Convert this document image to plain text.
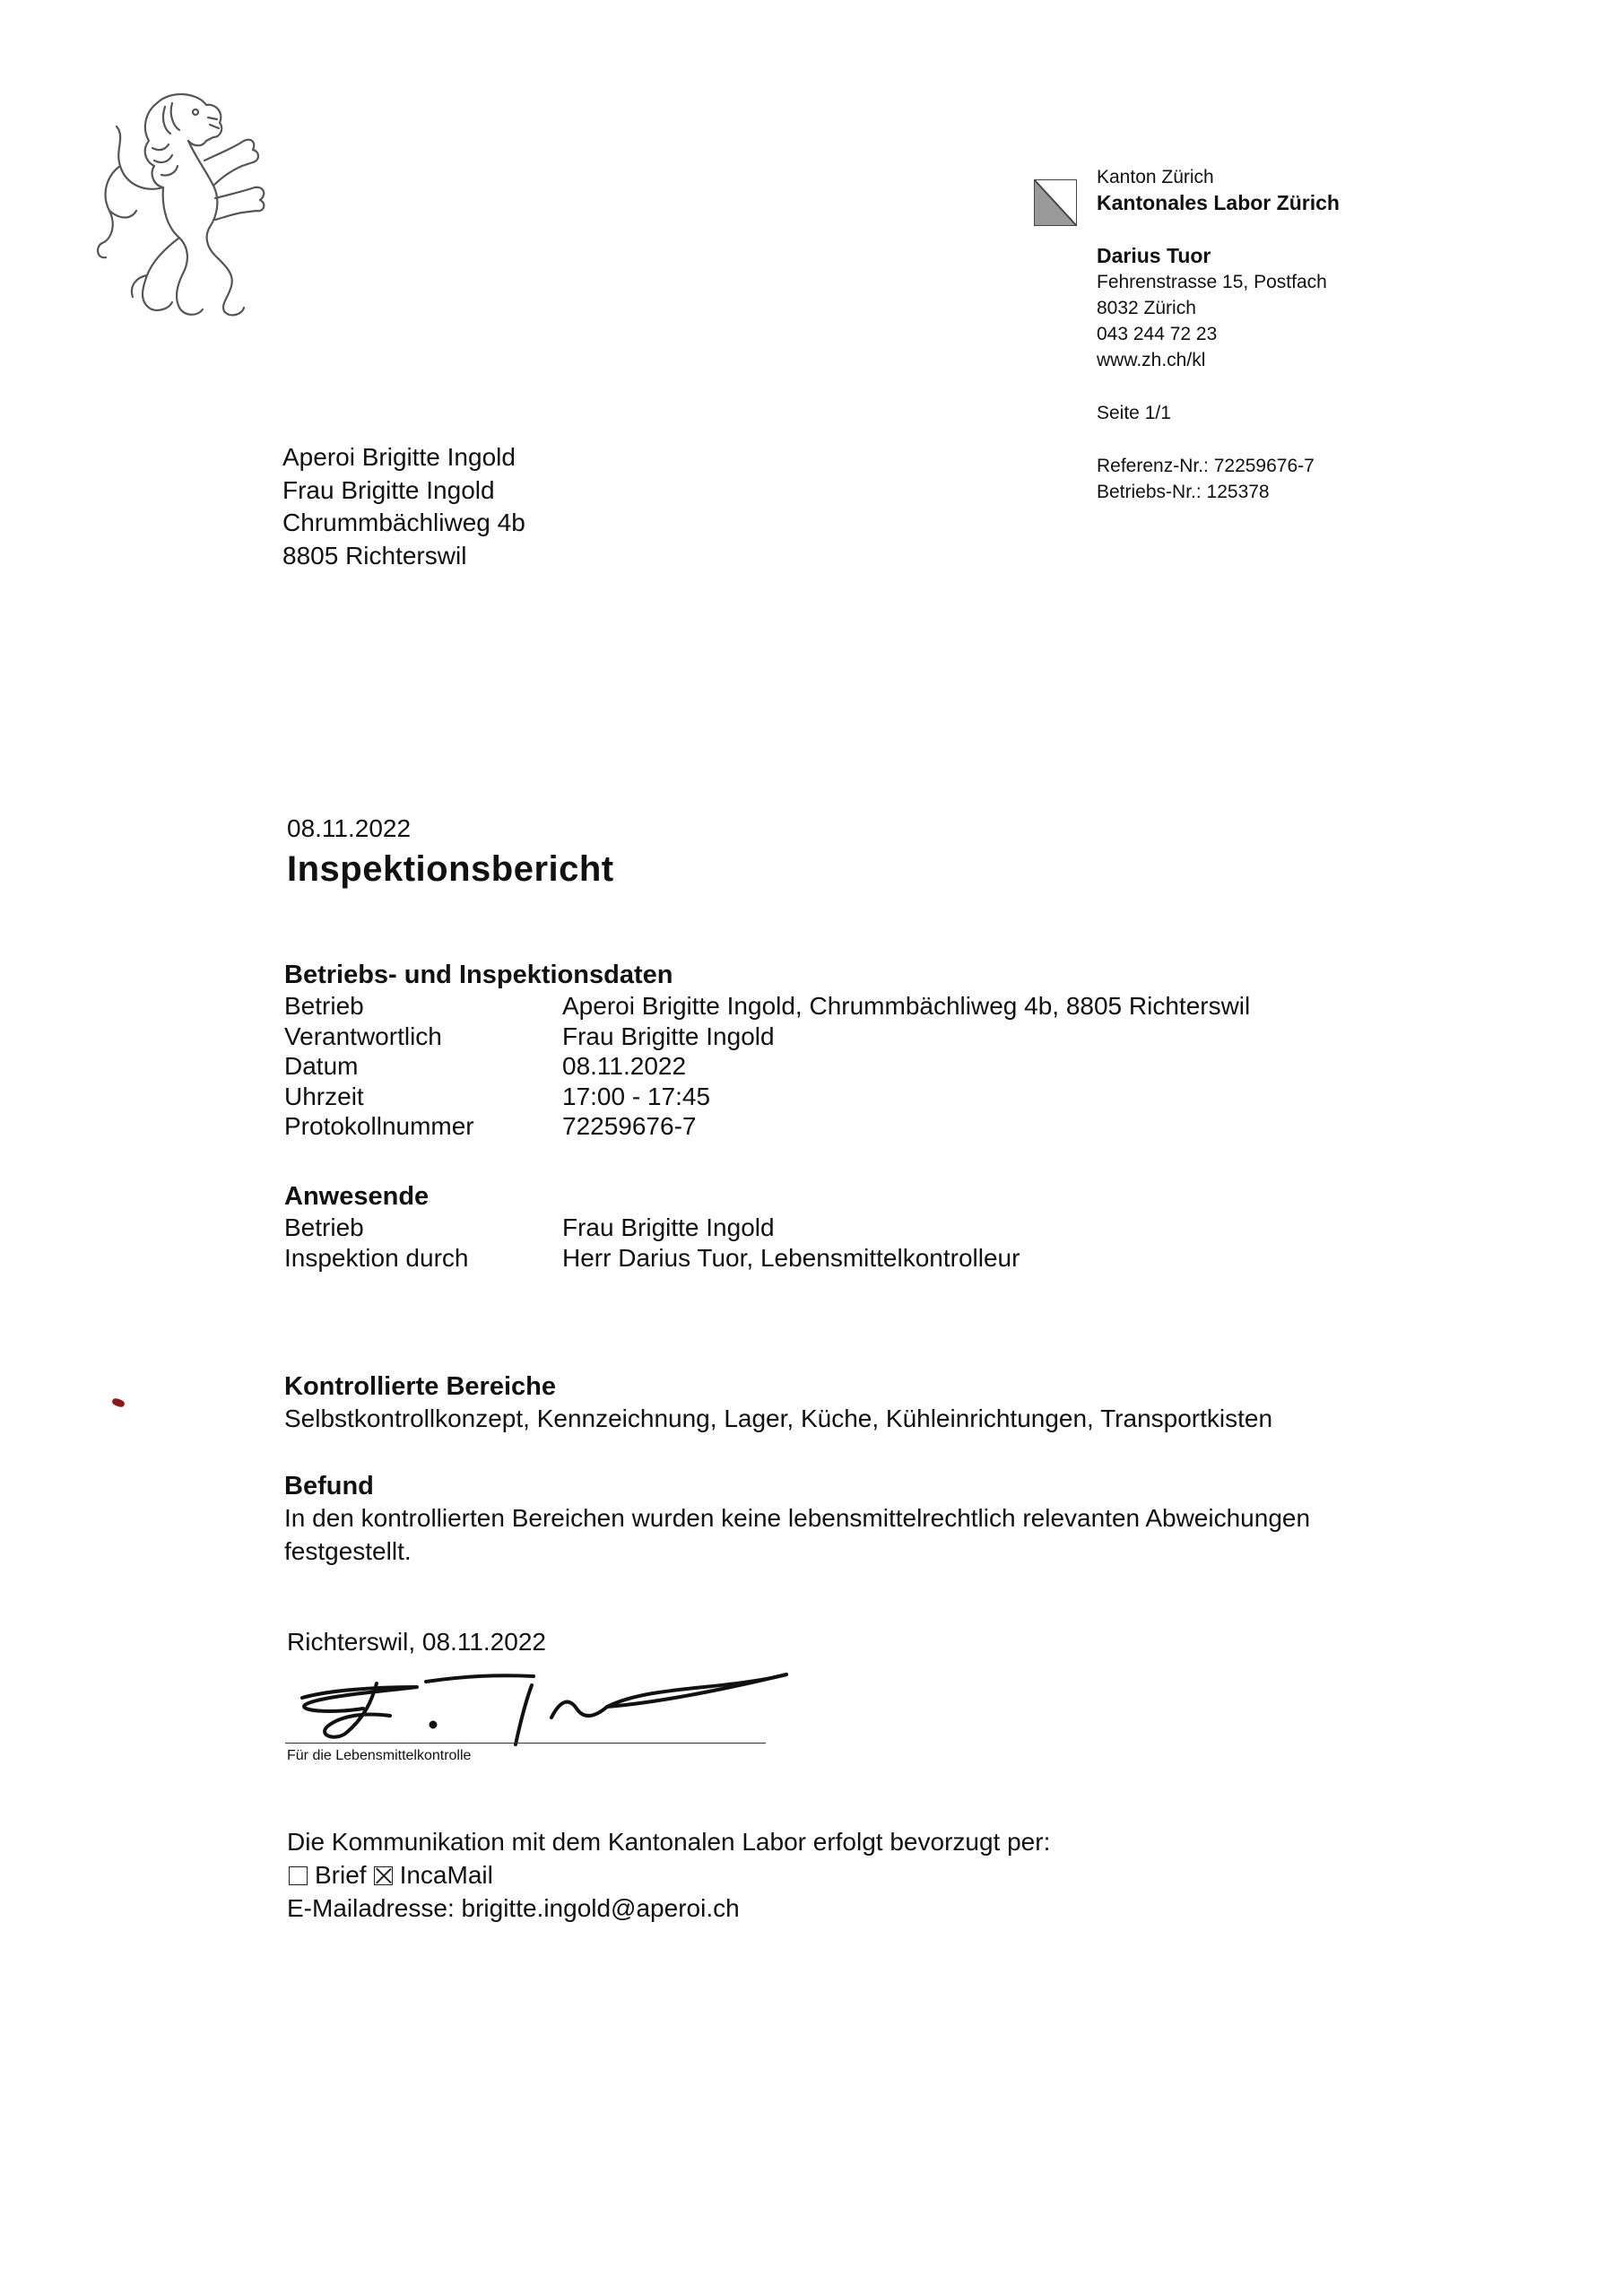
Kanton Zürich
Kantonales Labor Zürich
Darius Tuor
Fehrenstrasse 15, Postfach
8032 Zürich
043 244 72 23
www.zh.ch/kl
Seite 1/1
Referenz-Nr.: 72259676-7
Betriebs-Nr.: 125378
Aperoi Brigitte Ingold
Frau Brigitte Ingold
Chrummbächliweg 4b
8805 Richterswil
08.11.2022
Inspektionsbericht
Betriebs- und Inspektionsdaten
Betrieb	Aperoi Brigitte Ingold, Chrummbächliweg 4b, 8805 Richterswil
Verantwortlich	Frau Brigitte Ingold
Datum	08.11.2022
Uhrzeit	17:00 - 17:45
Protokollnummer	72259676-7
Anwesende
Betrieb	Frau Brigitte Ingold
Inspektion durch	Herr Darius Tuor, Lebensmittelkontrolleur
Kontrollierte Bereiche
Selbstkontrollkonzept, Kennzeichnung, Lager, Küche, Kühleinrichtungen, Transportkisten
Befund
In den kontrollierten Bereichen wurden keine lebensmittelrechtlich relevanten Abweichungen
festgestellt.
Richterswil, 08.11.2022
Für die Lebensmittelkontrolle
Die Kommunikation mit dem Kantonalen Labor erfolgt bevorzugt per:
Brief IncaMail
E-Mailadresse: brigitte.ingold@aperoi.ch
